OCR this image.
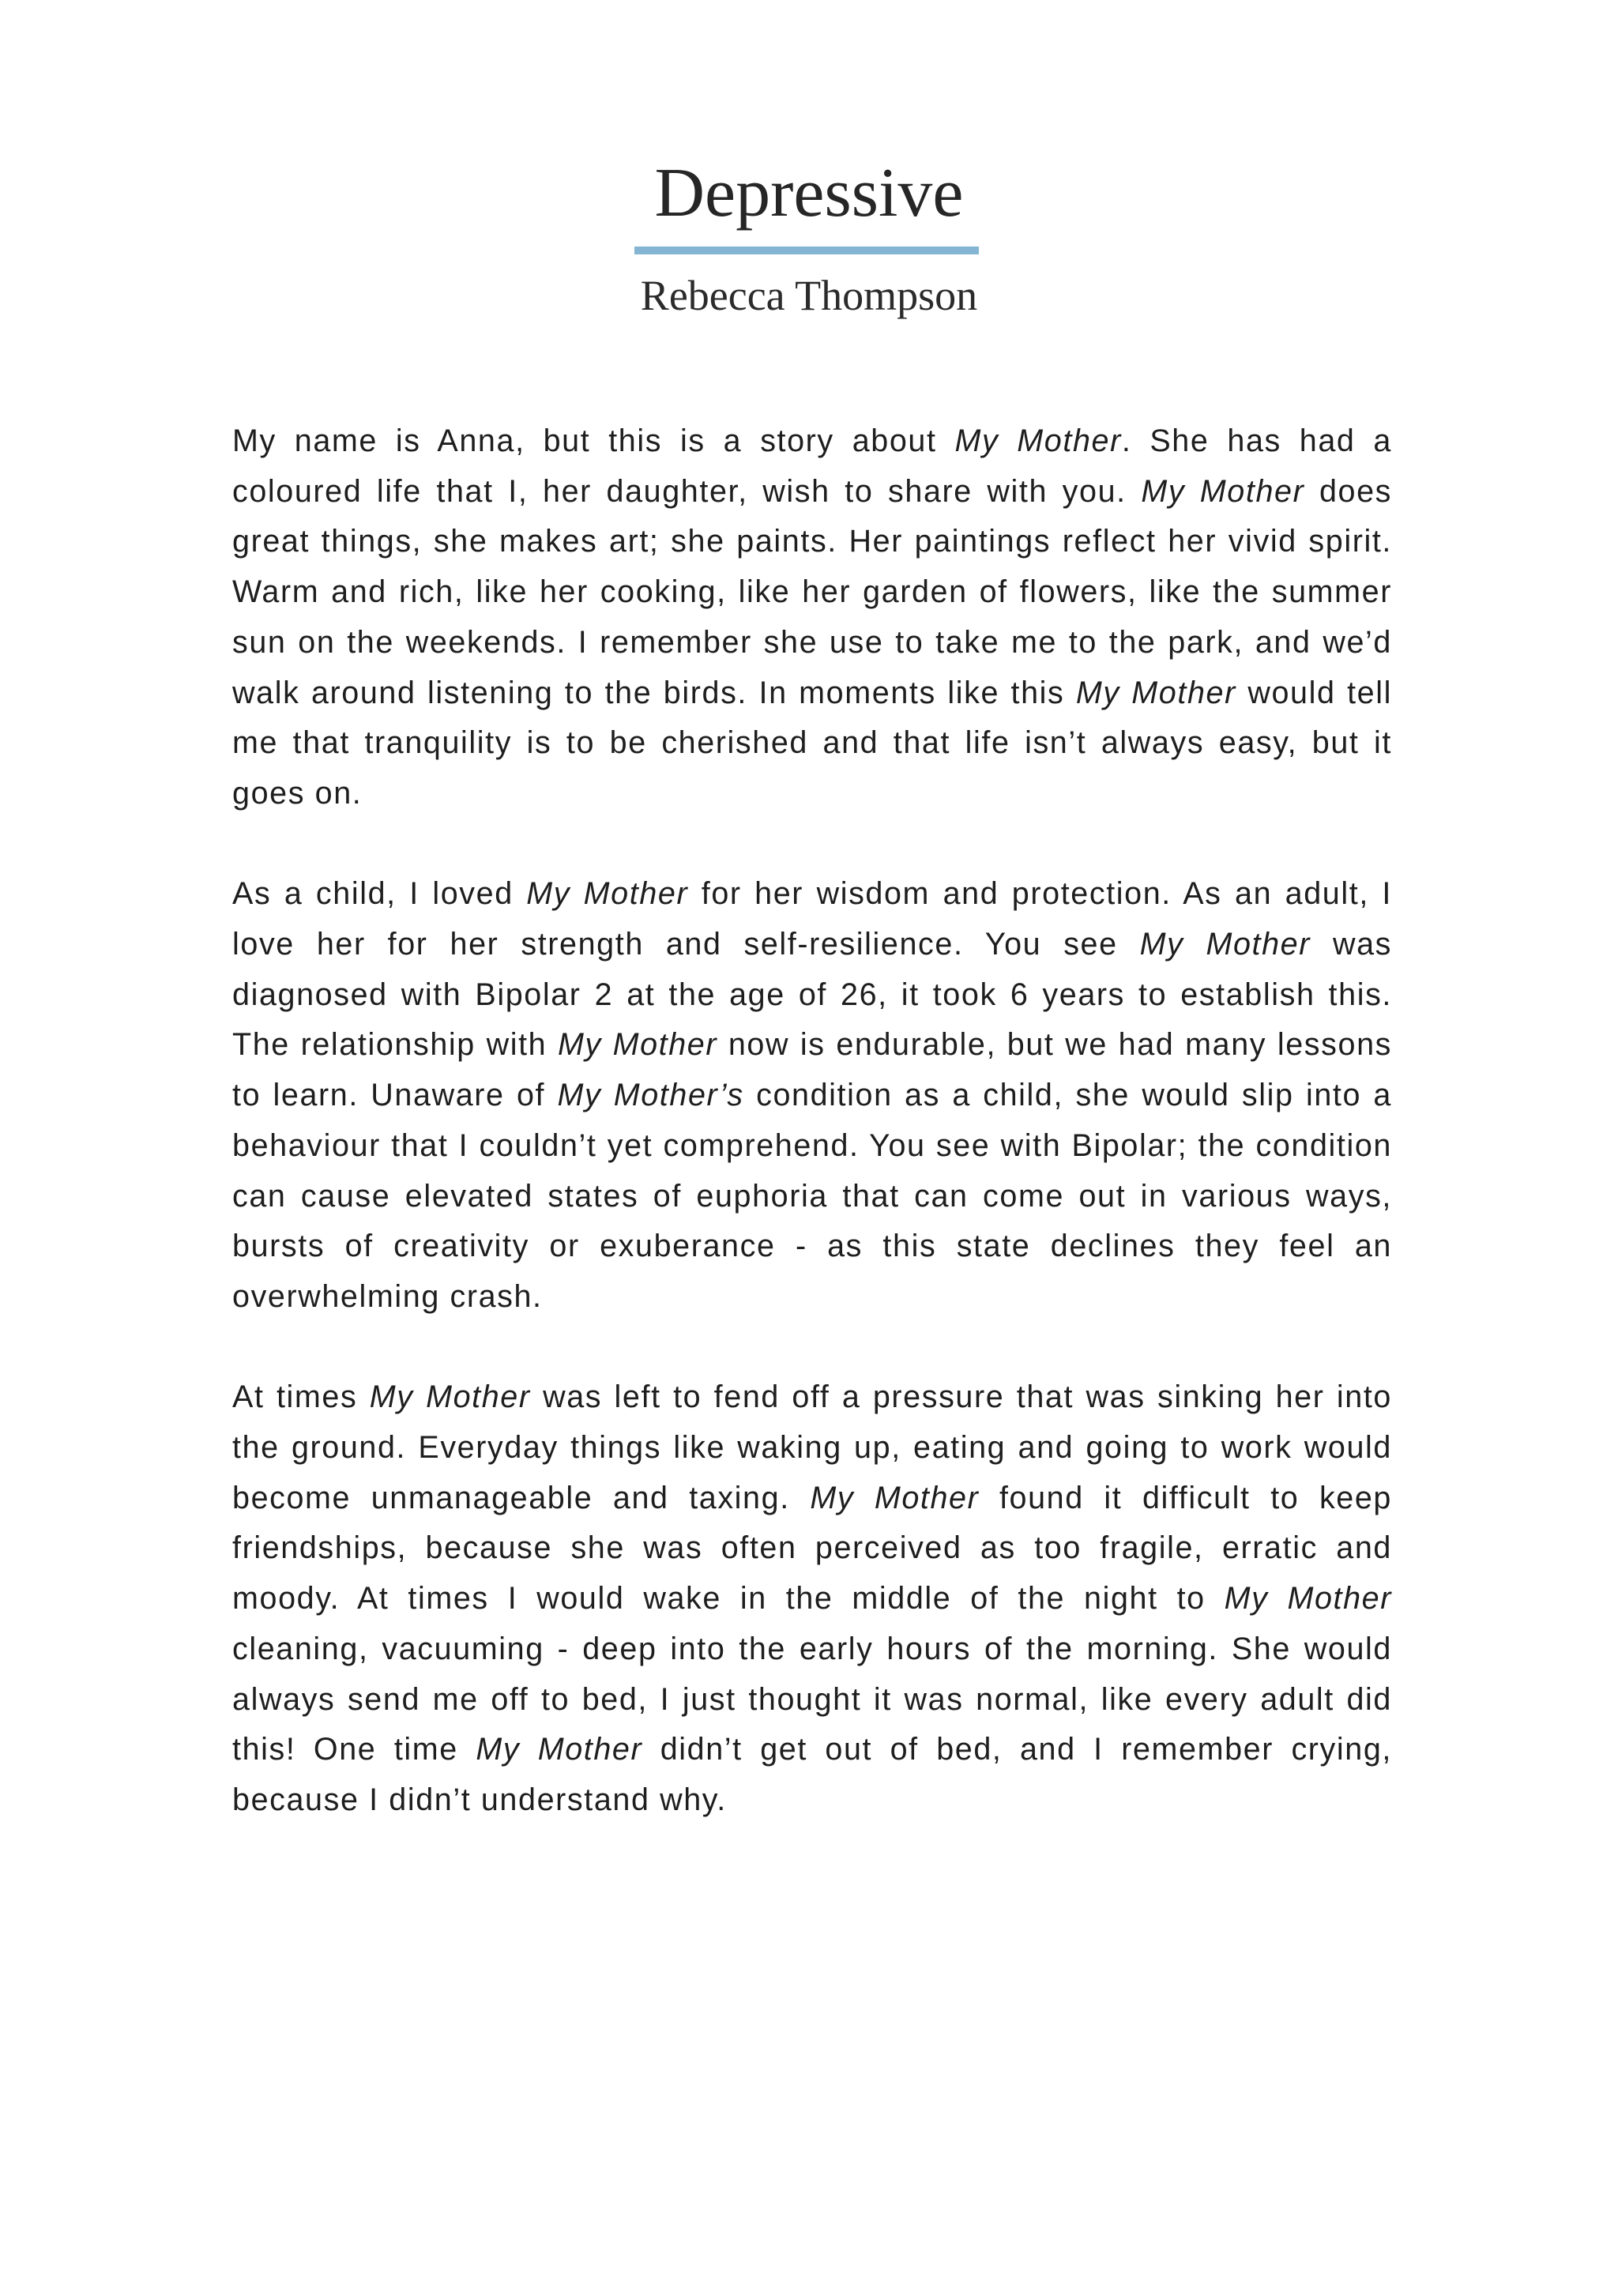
Depressive
Rebecca Thompson

My name is Anna, but this is a story about My Mother. She has had a coloured life that I, her daughter, wish to share with you. My Mother does great things, she makes art; she paints. Her paintings reflect her vivid spirit. Warm and rich, like her cooking, like her garden of flowers, like the summer sun on the weekends. I remember she use to take me to the park, and we’d walk around listening to the birds. In moments like this My Mother would tell me that tranquility is to be cherished and that life isn’t always easy, but it goes on.

As a child, I loved My Mother for her wisdom and protection. As an adult, I love her for her strength and self-resilience. You see My Mother was diagnosed with Bipolar 2 at the age of 26, it took 6 years to establish this. The relationship with My Mother now is endurable, but we had many lessons to learn. Unaware of My Mother’s condition as a child, she would slip into a behaviour that I couldn’t yet comprehend. You see with Bipolar; the condition can cause elevated states of euphoria that can come out in various ways, bursts of creativity or exuberance - as this state declines they feel an overwhelming crash.

At times My Mother was left to fend off a pressure that was sinking her into the ground. Everyday things like waking up, eating and going to work would become unmanageable and taxing. My Mother found it difficult to keep friendships, because she was often perceived as too fragile, erratic and moody. At times I would wake in the middle of the night to My Mother cleaning, vacuuming - deep into the early hours of the morning. She would always send me off to bed, I just thought it was normal, like every adult did this! One time My Mother didn’t get out of bed, and I remember crying, because I didn’t understand why.
